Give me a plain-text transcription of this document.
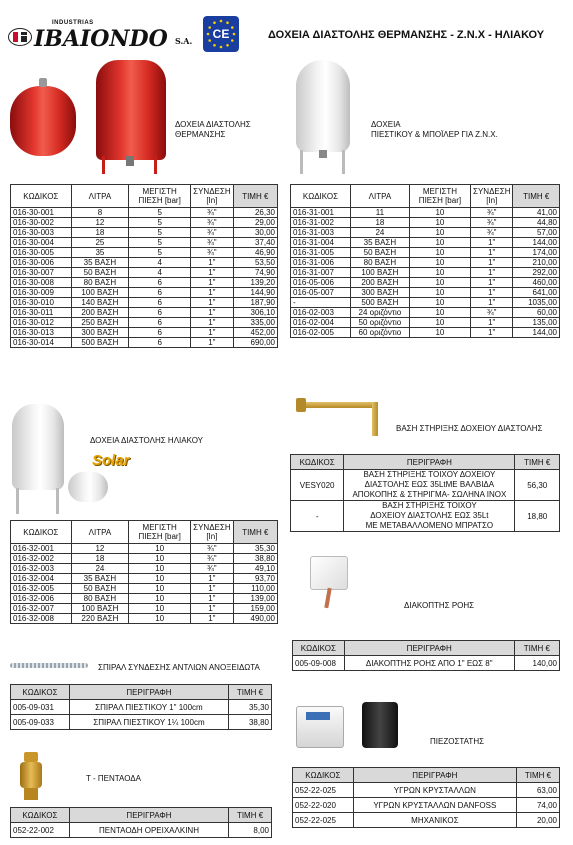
INDUSTRIAS
IBAIONDO S.A. CE	ΔΟΧΕΙΑ ΔΙΑΣΤΟΛΗΣ ΘΕΡΜΑΝΣΗΣ - Ζ.Ν.Χ - ΗΛΙΑΚΟΥ
ΔΟΧΕΙΑ ΔΙΑΣΤΟΛΗΣ
ΘΕΡΜΑΝΣΗΣ
ΔΟΧΕΙΑ
ΠΙΕΣΤΙΚΟΥ & ΜΠΟΪΛΕΡ ΓΙΑ Ζ.Ν.Χ.
ΚΩΔΙΚΟΣ	ΛΙΤΡΑ	ΜΕΓΙΣΤΗ ΠΙΕΣΗ [bar]	ΣΥΝΔΕΣΗ [In]	ΤΙΜΗ €
016-30-001	8	5	¾"	26,30
016-30-002	12	5	¾"	29,00
016-30-003	18	5	¾"	30,00
016-30-004	25	5	¾"	37,40
016-30-005	35	5	¾"	46,90
016-30-006	35 ΒΑΣΗ	4	1"	53,50
016-30-007	50 ΒΑΣΗ	4	1"	74,90
016-30-008	80 ΒΑΣΗ	6	1"	139,20
016-30-009	100 ΒΑΣΗ	6	1"	144,90
016-30-010	140 ΒΑΣΗ	6	1"	187,90
016-30-011	200 ΒΑΣΗ	6	1"	306,10
016-30-012	250 ΒΑΣΗ	6	1"	335,00
016-30-013	300 ΒΑΣΗ	6	1"	452,00
016-30-014	500 ΒΑΣΗ	6	1"	690,00
ΚΩΔΙΚΟΣ	ΛΙΤΡΑ	ΜΕΓΙΣΤΗ ΠΙΕΣΗ [bar]	ΣΥΝΔΕΣΗ [In]	ΤΙΜΗ €
016-31-001	11	10	¾"	41,00
016-31-002	18	10	¾"	44,80
016-31-003	24	10	¾"	57,00
016-31-004	35 ΒΑΣΗ	10	1"	144,00
016-31-005	50 ΒΑΣΗ	10	1"	174,00
016-31-006	80 ΒΑΣΗ	10	1"	210,00
016-31-007	100 ΒΑΣΗ	10	1"	292,00
016-05-006	200 ΒΑΣΗ	10	1"	460,00
016-05-007	300 ΒΑΣΗ	10	1"	641,00
-	500 ΒΑΣΗ	10	1"	1035,00
016-02-003	24 οριζόντιο	10	¾"	60,00
016-02-004	50 οριζόντιο	10	1"	135,00
016-02-005	60 οριζόντιο	10	1"	144,00
ΔΟΧΕΙΑ ΔΙΑΣΤΟΛΗΣ ΗΛΙΑΚΟΥ
Solar
ΚΩΔΙΚΟΣ	ΛΙΤΡΑ	ΜΕΓΙΣΤΗ ΠΙΕΣΗ [bar]	ΣΥΝΔΕΣΗ [In]	ΤΙΜΗ €
016-32-001	12	10	¾"	35,30
016-32-002	18	10	¾"	38,80
016-32-003	24	10	¾"	49,10
016-32-004	35 ΒΑΣΗ	10	1"	93,70
016-32-005	50 ΒΑΣΗ	10	1"	110,00
016-32-006	80 ΒΑΣΗ	10	1"	139,00
016-32-007	100 ΒΑΣΗ	10	1"	159,00
016-32-008	220 ΒΑΣΗ	10	1"	490,00
ΒΑΣΗ ΣΤΗΡΙΞΗΣ ΔΟΧΕΙΟΥ ΔΙΑΣΤΟΛΗΣ
ΚΩΔΙΚΟΣ	ΠΕΡΙΓΡΑΦΗ	ΤΙΜΗ €
VESY020	ΒΑΣΗ ΣΤΗΡΙΞΗΣ ΤΟΙΧΟΥ ΔΟΧΕΙΟΥ
ΔΙΑΣΤΟΛΗΣ ΕΩΣ 35LtΜΕ ΒΑΛΒΙΔΑ
ΑΠΟΚΟΠΗΣ & ΣΤΗΡΙΓΜΑ- ΣΩΛΗΝΑ INOX	56,30
-	ΒΑΣΗ ΣΤΗΡΙΞΗΣ ΤΟΙΧΟΥ
ΔΟΧΕΙΟΥ ΔΙΑΣΤΟΛΗΣ ΕΩΣ 35Lt
ΜΕ ΜΕΤΑΒΑΛΛΟΜΕΝΟ ΜΠΡΑΤΣΟ	18,80
ΔΙΑΚΟΠΤΗΣ ΡΟΗΣ
ΚΩΔΙΚΟΣ	ΠΕΡΙΓΡΑΦΗ	ΤΙΜΗ €
005-09-008	ΔΙΑΚΟΠΤΗΣ ΡΟΗΣ ΑΠΟ 1" ΕΩΣ 8"	140,00
ΣΠΙΡΑΛ ΣΥΝΔΕΣΗΣ ΑΝΤΛΙΩΝ ΑΝΟΞΕΙΔΩΤΑ
ΚΩΔΙΚΟΣ	ΠΕΡΙΓΡΑΦΗ	ΤΙΜΗ €
005-09-031	ΣΠΙΡΑΛ ΠΙΕΣΤΙΚΟΥ 1" 100cm	35,30
005-09-033	ΣΠΙΡΑΛ ΠΙΕΣΤΙΚΟΥ 1¼ 100cm	38,80
Τ - ΠΕΝΤΑΟΔΑ
ΚΩΔΙΚΟΣ	ΠΕΡΙΓΡΑΦΗ	ΤΙΜΗ €
052-22-002	ΠΕΝΤΑΟΔΗ ΟΡΕΙΧΑΛΚΙΝΗ	8,00
ΠΙΕΖΟΣΤΑΤΗΣ
ΚΩΔΙΚΟΣ	ΠΕΡΙΓΡΑΦΗ	ΤΙΜΗ €
052-22-025	ΥΓΡΩΝ ΚΡΥΣΤΑΛΛΩΝ	63,00
052-22-020	ΥΓΡΩΝ ΚΡΥΣΤΑΛΛΩΝ DANFOSS	74,00
052-22-025	ΜΗΧΑΝΙΚΟΣ	20,00
